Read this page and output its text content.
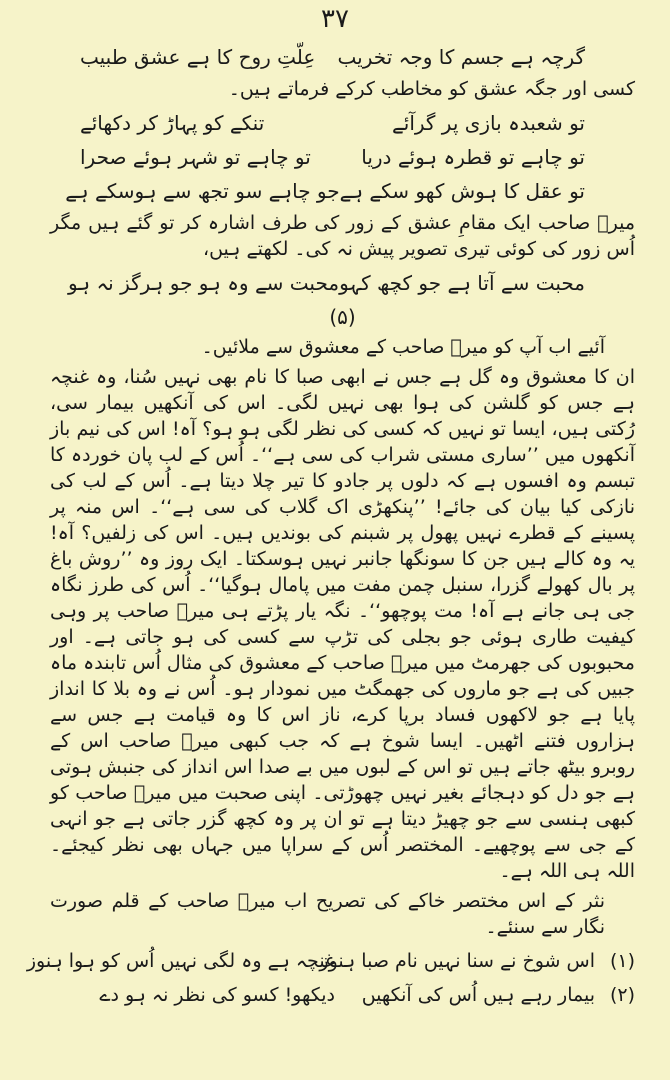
۳۷
گرچہ ہے جسم کا وجہ تخریب
عِلّتِ روح کا ہے عشق طبیب
کسی اور جگہ عشق کو مخاطب کرکے فرماتے ہیں۔
تو شعبدہ بازی پر گرآئے
تنکے کو پہاڑ کر دکھائے
تو چاہے تو قطرہ ہوئے دریا
تو چاہے تو شہر ہوئے صحرا
تو عقل کا ہوش کھو سکے ہے
جو چاہے سو تجھ سے ہوسکے ہے
میرؔ صاحب ایک مقامِ عشق کے زور کی طرف اشارہ کر تو گئے ہیں مگر اُس زور کی کوئی تیری تصویر پیش نہ کی۔ لکھتے ہیں،
محبت سے آتا ہے جو کچھ کہو
محبت سے وہ ہو جو ہرگز نہ ہو
(۵)
آئیے اب آپ کو میرؔ صاحب کے معشوق سے ملائیں۔
ان کا معشوق وہ گل ہے جس نے ابھی صبا کا نام بھی نہیں سُنا، وہ غنچہ ہے جس کو گلشن کی ہوا بھی نہیں لگی۔ اس کی آنکھیں بیمار سی، رُکتی ہیں، ایسا تو نہیں کہ کسی کی نظر لگی ہو ہو؟ آہ! اس کی نیم باز آنکھوں میں ’’ساری مستی شراب کی سی ہے‘‘۔ اُس کے لب پان خوردہ کا تبسم وہ افسوں ہے کہ دلوں پر جادو کا تیر چلا دیتا ہے۔ اُس کے لب کی نازکی کیا بیان کی جائے! ’’پنکھڑی اک گلاب کی سی ہے‘‘۔ اس منہ پر پسینے کے قطرے نہیں پھول پر شبنم کی بوندیں ہیں۔ اس کی زلفیں؟ آہ! یہ وہ کالے ہیں جن کا سونگھا جانبر نہیں ہوسکتا۔ ایک روز وہ ’’روش باغ پر بال کھولے گزرا، سنبل چمن مفت میں پامال ہوگیا‘‘۔ اُس کی طرز نگاہ جی ہی جانے ہے آہ! مت پوچھو‘‘۔ نگہ یار پڑتے ہی میرؔ صاحب پر وہی کیفیت طاری ہوئی جو بجلی کی تڑپ سے کسی کی ہو جاتی ہے۔ اور محبوبوں کی جھرمٹ میں میرؔ صاحب کے معشوق کی مثال اُس تابندہ ماہ جبیں کی ہے جو ماروں کی جھمگٹ میں نمودار ہو۔ اُس نے وہ بلا کا انداز پایا ہے جو لاکھوں فساد برپا کرے، ناز اس کا وہ قیامت ہے جس سے ہزاروں فتنے اٹھیں۔ ایسا شوخ ہے کہ جب کبھی میرؔ صاحب اس کے روبرو بیٹھ جاتے ہیں تو اس کے لبوں میں بے صدا اس انداز کی جنبش ہوتی ہے جو دل کو دہجائے بغیر نہیں چھوڑتی۔ اپنی صحبت میں میرؔ صاحب کو کبھی ہنسی سے جو چھیڑ دیتا ہے تو ان پر وہ کچھ گزر جاتی ہے جو انہی کے جی سے پوچھیے۔ المختصر اُس کے سراپا میں جہاں بھی نظر کیجئے۔ اللہ ہی اللہ ہے۔
نثر کے اس مختصر خاکے کی تصریح اب میرؔ صاحب کے قلم صورت نگار سے سنئے۔
(۱)
اس شوخ نے سنا نہیں نام صبا ہنوز
غنچہ ہے وہ لگی نہیں اُس کو ہوا ہنوز
(۲)
بیمار رہے ہیں اُس کی آنکھیں
دیکھو! کسو کی نظر نہ ہو دے
